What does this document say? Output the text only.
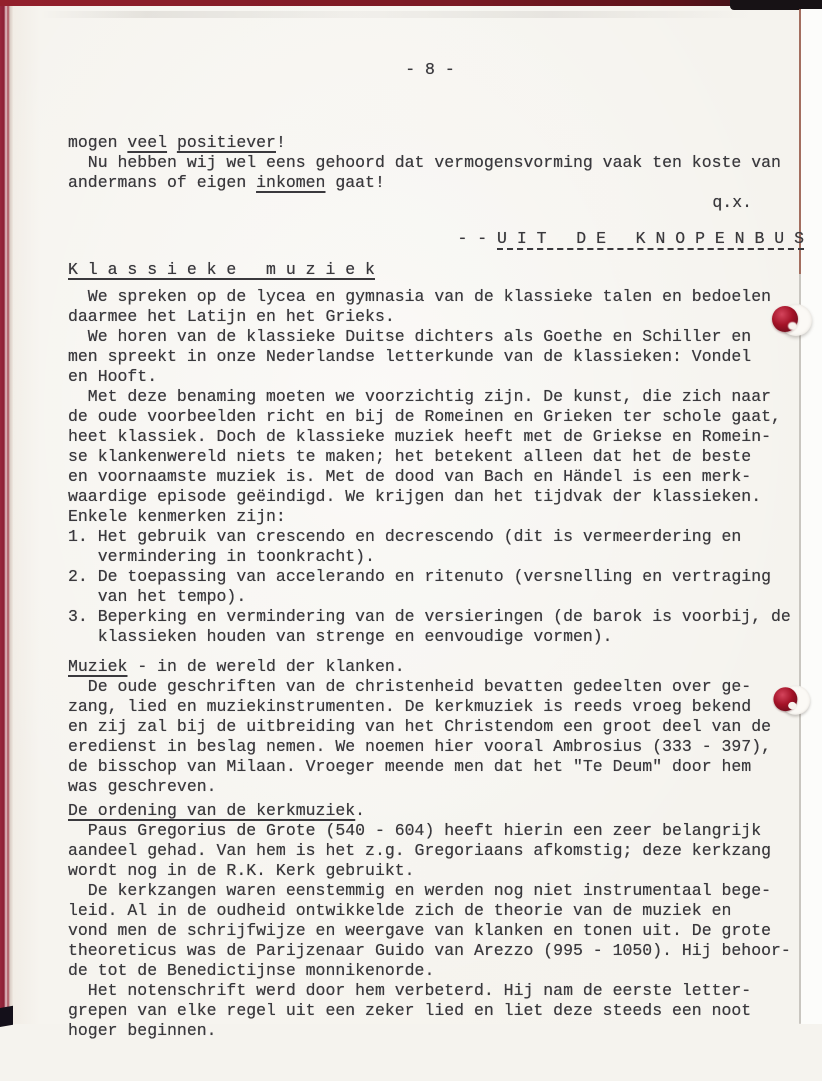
- 8 -

mogen veel positiever!
Nu hebben wij wel eens gehoord dat vermogensvorming vaak ten koste van
andermans of eigen inkomen gaat!
q.x.
- - U I T   D E   K N O P E N B U S
K l a s s i e k e   m u z i e k
We spreken op de lycea en gymnasia van de klassieke talen en bedoelen
daarmee het Latijn en het Grieks.
We horen van de klassieke Duitse dichters als Goethe en Schiller en
men spreekt in onze Nederlandse letterkunde van de klassieken: Vondel
en Hooft.
Met deze benaming moeten we voorzichtig zijn. De kunst, die zich naar
de oude voorbeelden richt en bij de Romeinen en Grieken ter schole gaat,
heet klassiek. Doch de klassieke muziek heeft met de Griekse en Romein-
se klankenwereld niets te maken; het betekent alleen dat het de beste
en voornaamste muziek is. Met de dood van Bach en Händel is een merk-
waardige episode geëindigd. We krijgen dan het tijdvak der klassieken.
Enkele kenmerken zijn:
1. Het gebruik van crescendo en decrescendo (dit is vermeerdering en
vermindering in toonkracht).
2. De toepassing van accelerando en ritenuto (versnelling en vertraging
van het tempo).
3. Beperking en vermindering van de versieringen (de barok is voorbij, de
klassieken houden van strenge en eenvoudige vormen).
Muziek - in de wereld der klanken.
De oude geschriften van de christenheid bevatten gedeelten over ge-
zang, lied en muziekinstrumenten. De kerkmuziek is reeds vroeg bekend
en zij zal bij de uitbreiding van het Christendom een groot deel van de
eredienst in beslag nemen. We noemen hier vooral Ambrosius (333 - 397),
de bisschop van Milaan. Vroeger meende men dat het "Te Deum" door hem
was geschreven.
De ordening van de kerkmuziek.
Paus Gregorius de Grote (540 - 604) heeft hierin een zeer belangrijk
aandeel gehad. Van hem is het z.g. Gregoriaans afkomstig; deze kerkzang
wordt nog in de R.K. Kerk gebruikt.
De kerkzangen waren eenstemmig en werden nog niet instrumentaal bege-
leid. Al in de oudheid ontwikkelde zich de theorie van de muziek en
vond men de schrijfwijze en weergave van klanken en tonen uit. De grote
theoreticus was de Parijzenaar Guido van Arezzo (995 - 1050). Hij behoor-
de tot de Benedictijnse monnikenorde.
Het notenschrift werd door hem verbeterd. Hij nam de eerste letter-
grepen van elke regel uit een zeker lied en liet deze steeds een noot
hoger beginnen.
